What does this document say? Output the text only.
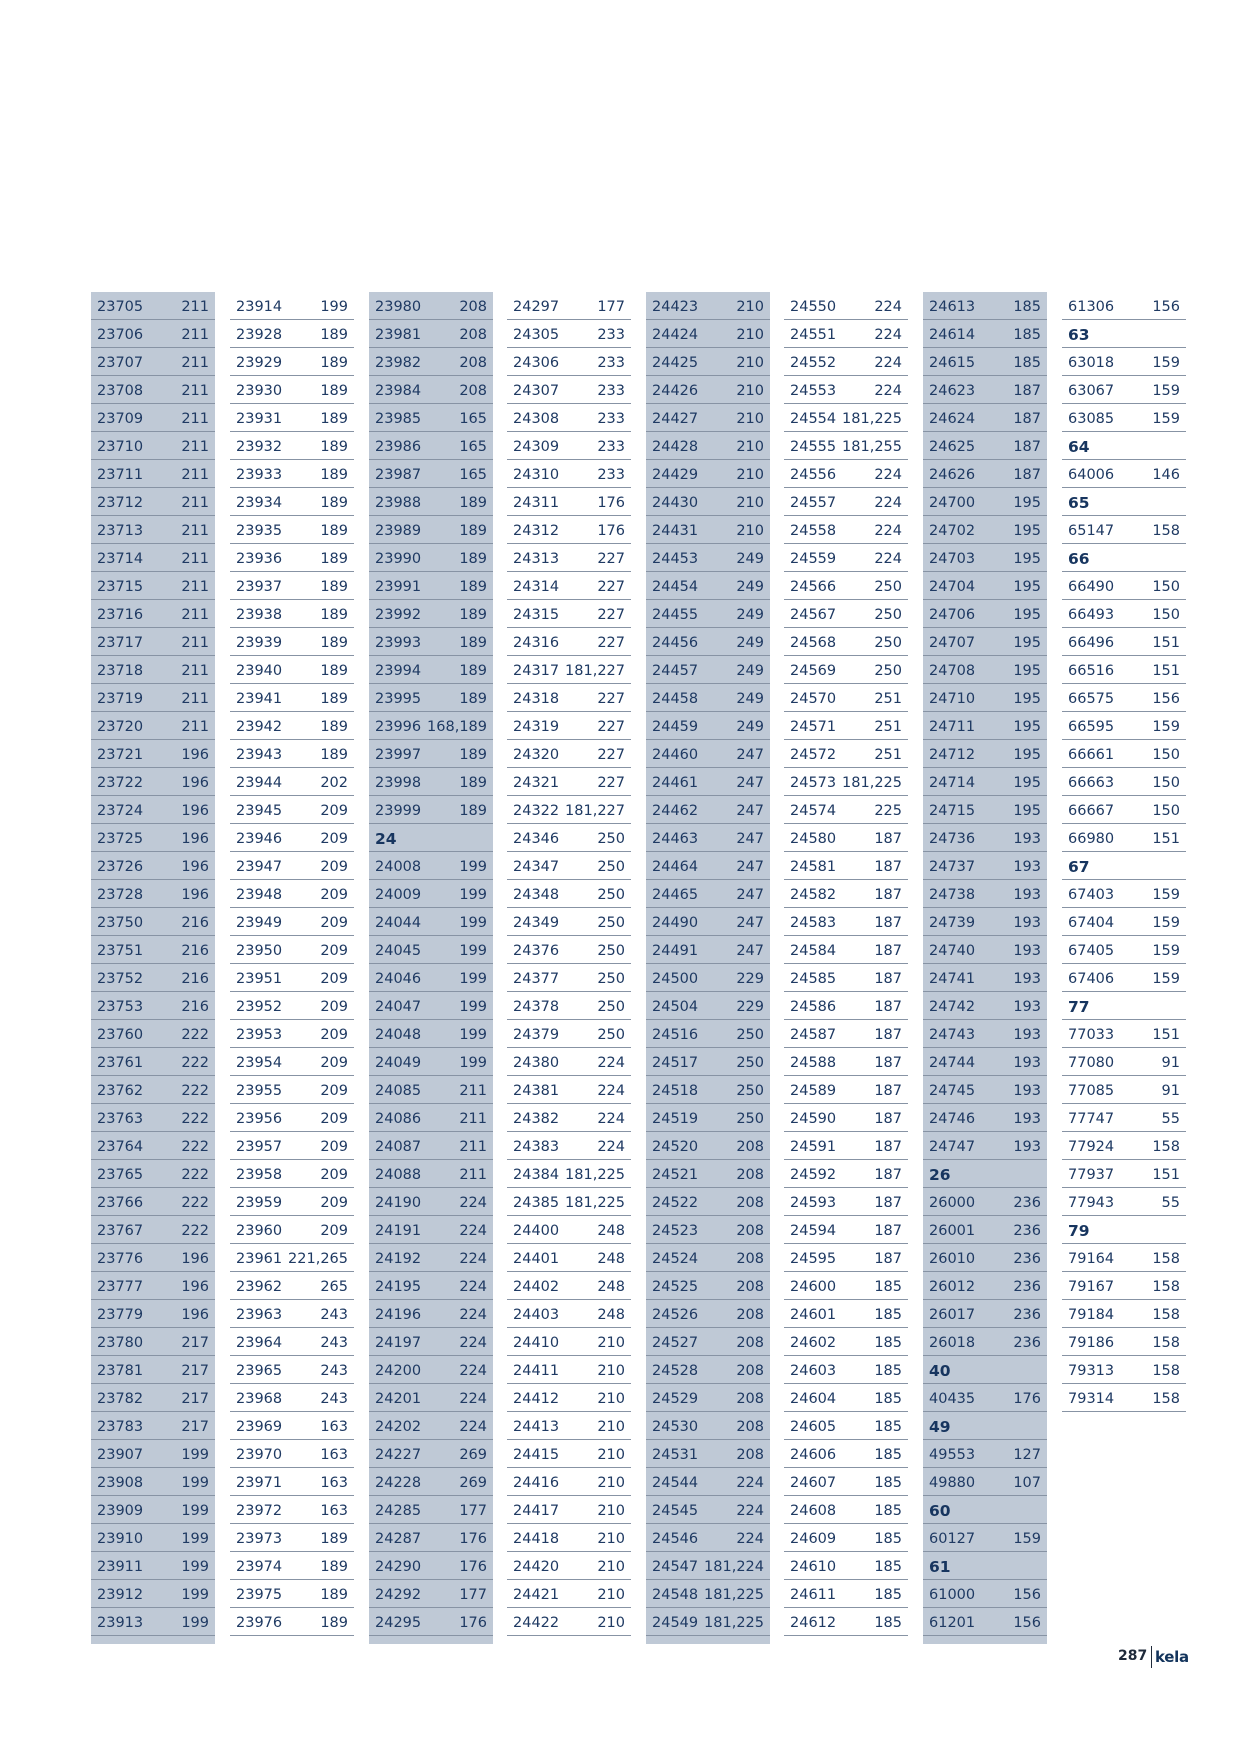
23705	211
23706	211
23707	211
23708	211
23709	211
23710	211
23711	211
23712	211
23713	211
23714	211
23715	211
23716	211
23717	211
23718	211
23719	211
23720	211
23721	196
23722	196
23724	196
23725	196
23726	196
23728	196
23750	216
23751	216
23752	216
23753	216
23760	222
23761	222
23762	222
23763	222
23764	222
23765	222
23766	222
23767	222
23776	196
23777	196
23779	196
23780	217
23781	217
23782	217
23783	217
23907	199
23908	199
23909	199
23910	199
23911	199
23912	199
23913	199
23914	199
23928	189
23929	189
23930	189
23931	189
23932	189
23933	189
23934	189
23935	189
23936	189
23937	189
23938	189
23939	189
23940	189
23941	189
23942	189
23943	189
23944	202
23945	209
23946	209
23947	209
23948	209
23949	209
23950	209
23951	209
23952	209
23953	209
23954	209
23955	209
23956	209
23957	209
23958	209
23959	209
23960	209
23961 221,265
23962	265
23963	243
23964	243
23965	243
23968	243
23969	163
23970	163
23971	163
23972	163
23973	189
23974	189
23975	189
23976	189
23980	208
23981	208
23982	208
23984	208
23985	165
23986	165
23987	165
23988	189
23989	189
23990	189
23991	189
23992	189
23993	189
23994	189
23995	189
23996 168,189
23997	189
23998	189
23999	189
24
24008	199
24009	199
24044	199
24045	199
24046	199
24047	199
24048	199
24049	199
24085	211
24086	211
24087	211
24088	211
24190	224
24191	224
24192	224
24195	224
24196	224
24197	224
24200	224
24201	224
24202	224
24227	269
24228	269
24285	177
24287	176
24290	176
24292	177
24295	176
24297	177
24305	233
24306	233
24307	233
24308	233
24309	233
24310	233
24311	176
24312	176
24313	227
24314	227
24315	227
24316	227
24317 181,227
24318	227
24319	227
24320	227
24321	227
24322 181,227
24346	250
24347	250
24348	250
24349	250
24376	250
24377	250
24378	250
24379	250
24380	224
24381	224
24382	224
24383	224
24384 181,225
24385 181,225
24400	248
24401	248
24402	248
24403	248
24410	210
24411	210
24412	210
24413	210
24415	210
24416	210
24417	210
24418	210
24420	210
24421	210
24422	210
24423	210
24424	210
24425	210
24426	210
24427	210
24428	210
24429	210
24430	210
24431	210
24453	249
24454	249
24455	249
24456	249
24457	249
24458	249
24459	249
24460	247
24461	247
24462	247
24463	247
24464	247
24465	247
24490	247
24491	247
24500	229
24504	229
24516	250
24517	250
24518	250
24519	250
24520	208
24521	208
24522	208
24523	208
24524	208
24525	208
24526	208
24527	208
24528	208
24529	208
24530	208
24531	208
24544	224
24545	224
24546	224
24547 181,224
24548 181,225
24549 181,225
24550	224
24551	224
24552	224
24553	224
24554 181,225
24555 181,255
24556	224
24557	224
24558	224
24559	224
24566	250
24567	250
24568	250
24569	250
24570	251
24571	251
24572	251
24573 181,225
24574	225
24580	187
24581	187
24582	187
24583	187
24584	187
24585	187
24586	187
24587	187
24588	187
24589	187
24590	187
24591	187
24592	187
24593	187
24594	187
24595	187
24600	185
24601	185
24602	185
24603	185
24604	185
24605	185
24606	185
24607	185
24608	185
24609	185
24610	185
24611	185
24612	185
24613	185
24614	185
24615	185
24623	187
24624	187
24625	187
24626	187
24700	195
24702	195
24703	195
24704	195
24706	195
24707	195
24708	195
24710	195
24711	195
24712	195
24714	195
24715	195
24736	193
24737	193
24738	193
24739	193
24740	193
24741	193
24742	193
24743	193
24744	193
24745	193
24746	193
24747	193
26
26000	236
26001	236
26010	236
26012	236
26017	236
26018	236
40
40435	176
49
49553	127
49880	107
60
60127	159
61
61000	156
61201	156
61306	156
63
63018	159
63067	159
63085	159
64
64006	146
65
65147	158
66
66490	150
66493	150
66496	151
66516	151
66575	156
66595	159
66661	150
66663	150
66667	150
66980	151
67
67403	159
67404	159
67405	159
67406	159
77
77033	151
77080	91
77085	91
77747	55
77924	158
77937	151
77943	55
79
79164	158
79167	158
79184	158
79186	158
79313	158
79314	158
287 kela
